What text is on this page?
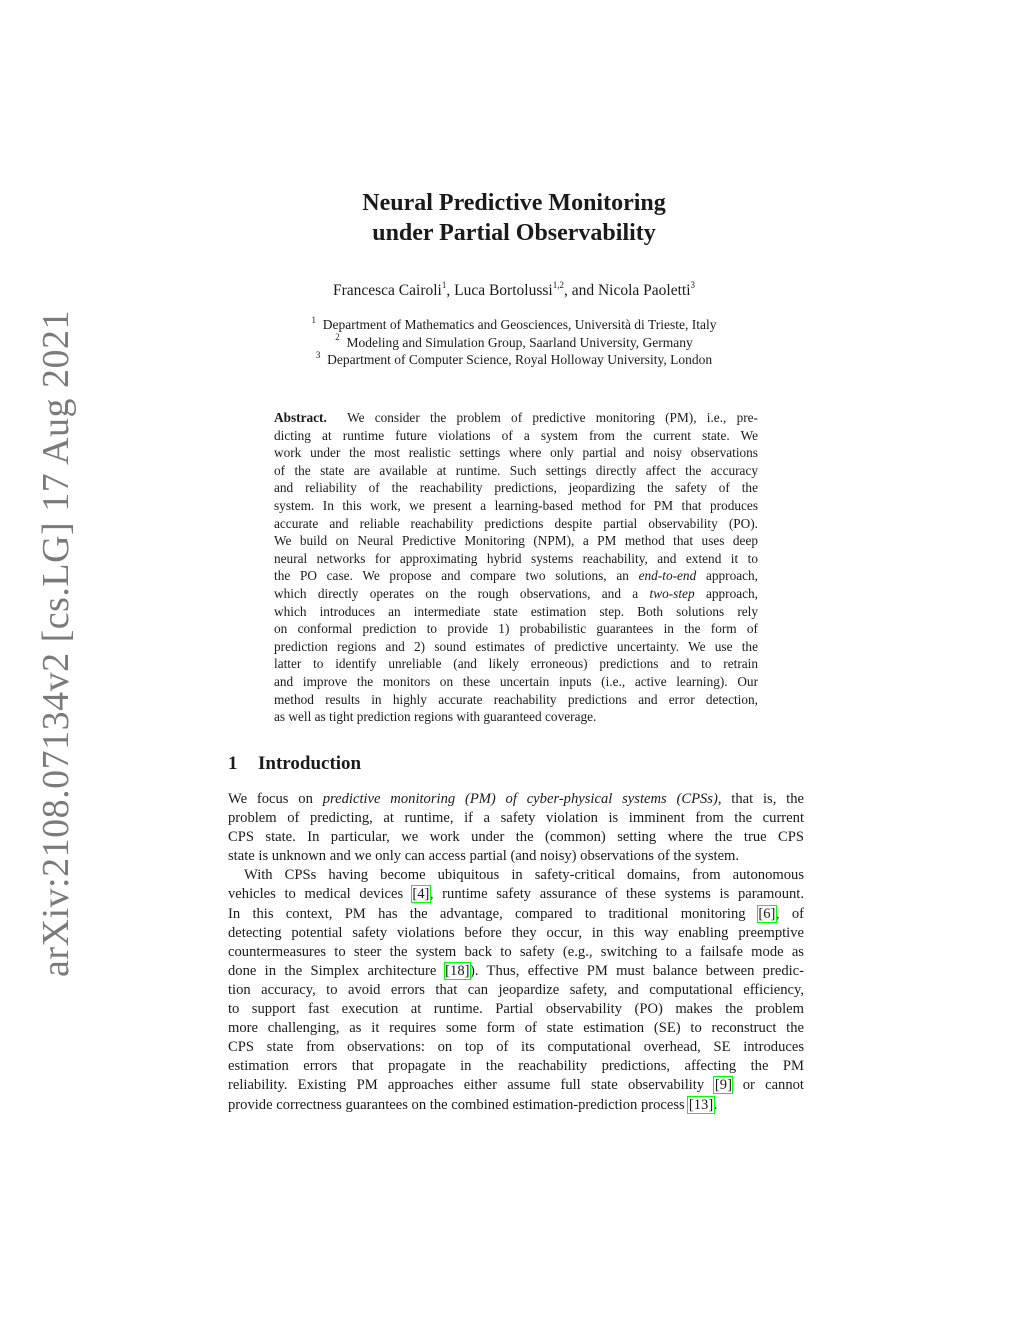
arXiv:2108.07134v2 [cs.LG] 17 Aug 2021
Neural Predictive Monitoring
under Partial Observability
Francesca Cairoli$^1$, Luca Bortolussi$^{1,2}$, and Nicola Paoletti$^3$
$^1$ Department of Mathematics and Geosciences, Università di Trieste, Italy
$^2$ Modeling and Simulation Group, Saarland University, Germany
$^3$ Department of Computer Science, Royal Holloway University, London
Abstract. We consider the problem of predictive monitoring (PM), i.e., pre-
dicting at runtime future violations of a system from the current state. We
work under the most realistic settings where only partial and noisy observations
of the state are available at runtime. Such settings directly affect the accuracy
and reliability of the reachability predictions, jeopardizing the safety of the
system. In this work, we present a learning-based method for PM that produces
accurate and reliable reachability predictions despite partial observability (PO).
We build on Neural Predictive Monitoring (NPM), a PM method that uses deep
neural networks for approximating hybrid systems reachability, and extend it to
the PO case. We propose and compare two solutions, an end-to-end approach,
which directly operates on the rough observations, and a two-step approach,
which introduces an intermediate state estimation step. Both solutions rely
on conformal prediction to provide 1) probabilistic guarantees in the form of
prediction regions and 2) sound estimates of predictive uncertainty. We use the
latter to identify unreliable (and likely erroneous) predictions and to retrain
and improve the monitors on these uncertain inputs (i.e., active learning). Our
method results in highly accurate reachability predictions and error detection,
as well as tight prediction regions with guaranteed coverage.
1 Introduction
We focus on predictive monitoring (PM) of cyber-physical systems (CPSs), that is, the
problem of predicting, at runtime, if a safety violation is imminent from the current
CPS state. In particular, we work under the (common) setting where the true CPS
state is unknown and we only can access partial (and noisy) observations of the system.
With CPSs having become ubiquitous in safety-critical domains, from autonomous
vehicles to medical devices [4], runtime safety assurance of these systems is paramount.
In this context, PM has the advantage, compared to traditional monitoring [6], of
detecting potential safety violations before they occur, in this way enabling preemptive
countermeasures to steer the system back to safety (e.g., switching to a failsafe mode as
done in the Simplex architecture [18]). Thus, effective PM must balance between predic-
tion accuracy, to avoid errors that can jeopardize safety, and computational efficiency,
to support fast execution at runtime. Partial observability (PO) makes the problem
more challenging, as it requires some form of state estimation (SE) to reconstruct the
CPS state from observations: on top of its computational overhead, SE introduces
estimation errors that propagate in the reachability predictions, affecting the PM
reliability. Existing PM approaches either assume full state observability [9] or cannot
provide correctness guarantees on the combined estimation-prediction process [13].
